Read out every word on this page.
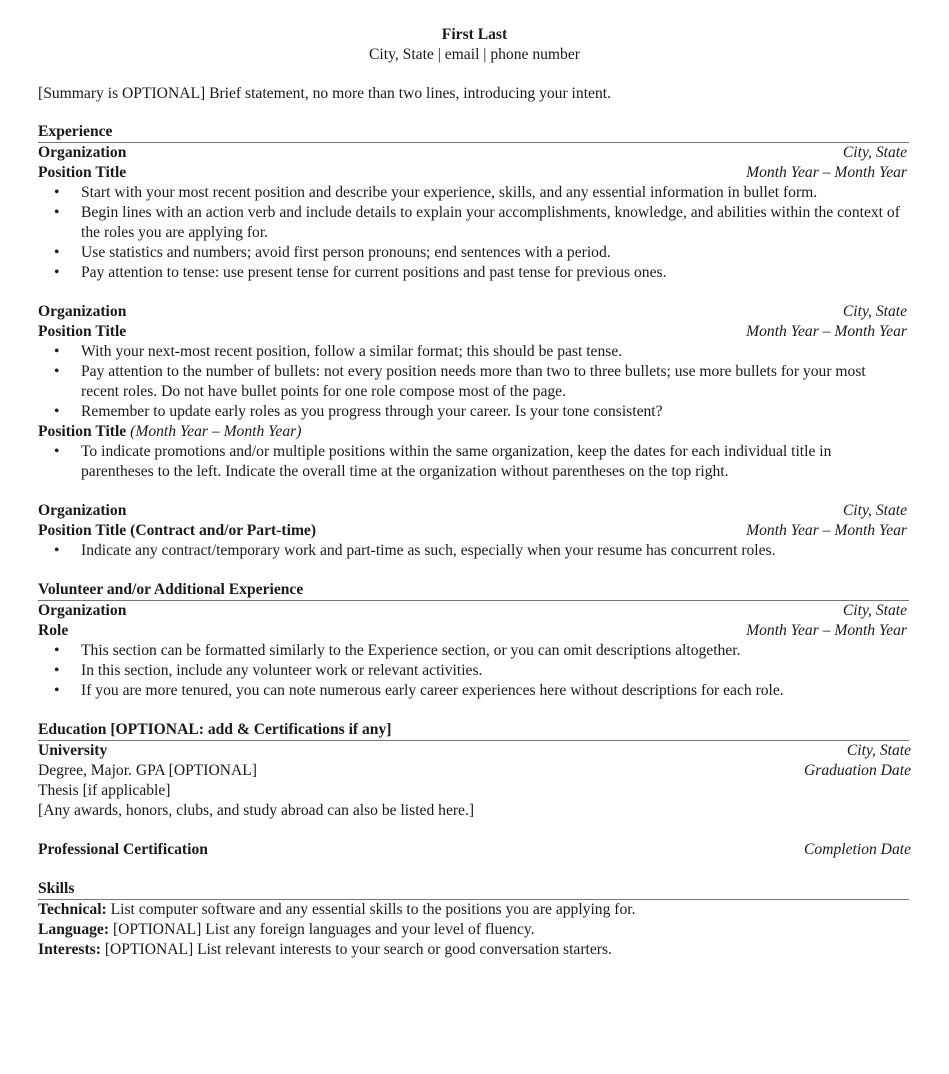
First Last
City, State | email | phone number
[Summary is OPTIONAL] Brief statement, no more than two lines, introducing your intent.
Experience
Organization	City, State
Position Title	Month Year – Month Year
• Start with your most recent position and describe your experience, skills, and any essential information in bullet form.
• Begin lines with an action verb and include details to explain your accomplishments, knowledge, and abilities within the context of the roles you are applying for.
• Use statistics and numbers; avoid first person pronouns; end sentences with a period.
• Pay attention to tense: use present tense for current positions and past tense for previous ones.
Organization	City, State
Position Title	Month Year – Month Year
• With your next-most recent position, follow a similar format; this should be past tense.
• Pay attention to the number of bullets: not every position needs more than two to three bullets; use more bullets for your most recent roles. Do not have bullet points for one role compose most of the page.
• Remember to update early roles as you progress through your career. Is your tone consistent?
Position Title (Month Year – Month Year)
• To indicate promotions and/or multiple positions within the same organization, keep the dates for each individual title in parentheses to the left. Indicate the overall time at the organization without parentheses on the top right.
Organization	City, State
Position Title (Contract and/or Part-time)	Month Year – Month Year
• Indicate any contract/temporary work and part-time as such, especially when your resume has concurrent roles.
Volunteer and/or Additional Experience
Organization	City, State
Role	Month Year – Month Year
• This section can be formatted similarly to the Experience section, or you can omit descriptions altogether.
• In this section, include any volunteer work or relevant activities.
• If you are more tenured, you can note numerous early career experiences here without descriptions for each role.
Education [OPTIONAL: add & Certifications if any]
University	City, State
Degree, Major. GPA [OPTIONAL]	Graduation Date
Thesis [if applicable]
[Any awards, honors, clubs, and study abroad can also be listed here.]
Professional Certification	Completion Date
Skills
Technical: List computer software and any essential skills to the positions you are applying for.
Language: [OPTIONAL] List any foreign languages and your level of fluency.
Interests: [OPTIONAL] List relevant interests to your search or good conversation starters.
